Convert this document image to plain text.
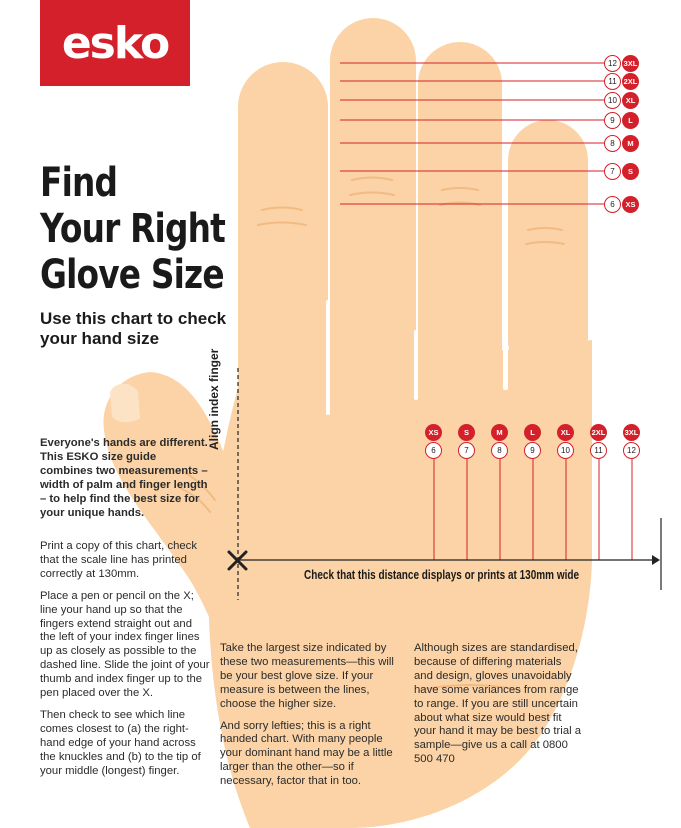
esko
Find
Your Right
Glove Size
Use this chart to check your hand size
Everyone's hands are different. This ESKO size guide combines two measurements – width of palm and finger length – to help find the best size for your unique hands.

Print a copy of this chart, check that the scale line has printed correctly at 130mm.

Place a pen or pencil on the X; line your hand up so that the fingers extend straight out and the left of your index finger lines up as closely as possible to the dashed line. Slide the joint of your thumb and index finger up to the pen placed over the X.

Then check to see which line comes closest to (a) the right-hand edge of your hand across the knuckles and (b) to the tip of your middle (longest) finger.

Take the largest size indicated by these two measurements—this will be your best glove size. If your measure is between the lines, choose the higher size.

And sorry lefties; this is a right handed chart. With many people your dominant hand may be a little larger than the other—so if necessary, factor that in too.

Although sizes are standardised, because of differing materials and design, gloves unavoidably have some variances from range to range. If you are still uncertain about what size would best fit your hand it may be best to trial a sample—give us a call at 0800 500 470
Align index finger
Check that this distance displays or prints at 130mm wide
12 3XL
11 2XL
10	XL
9	L
8	M
7	S
6	XS
XS
6
S
7
M
8
L
9
XL
10
2XL
11
3XL
12
